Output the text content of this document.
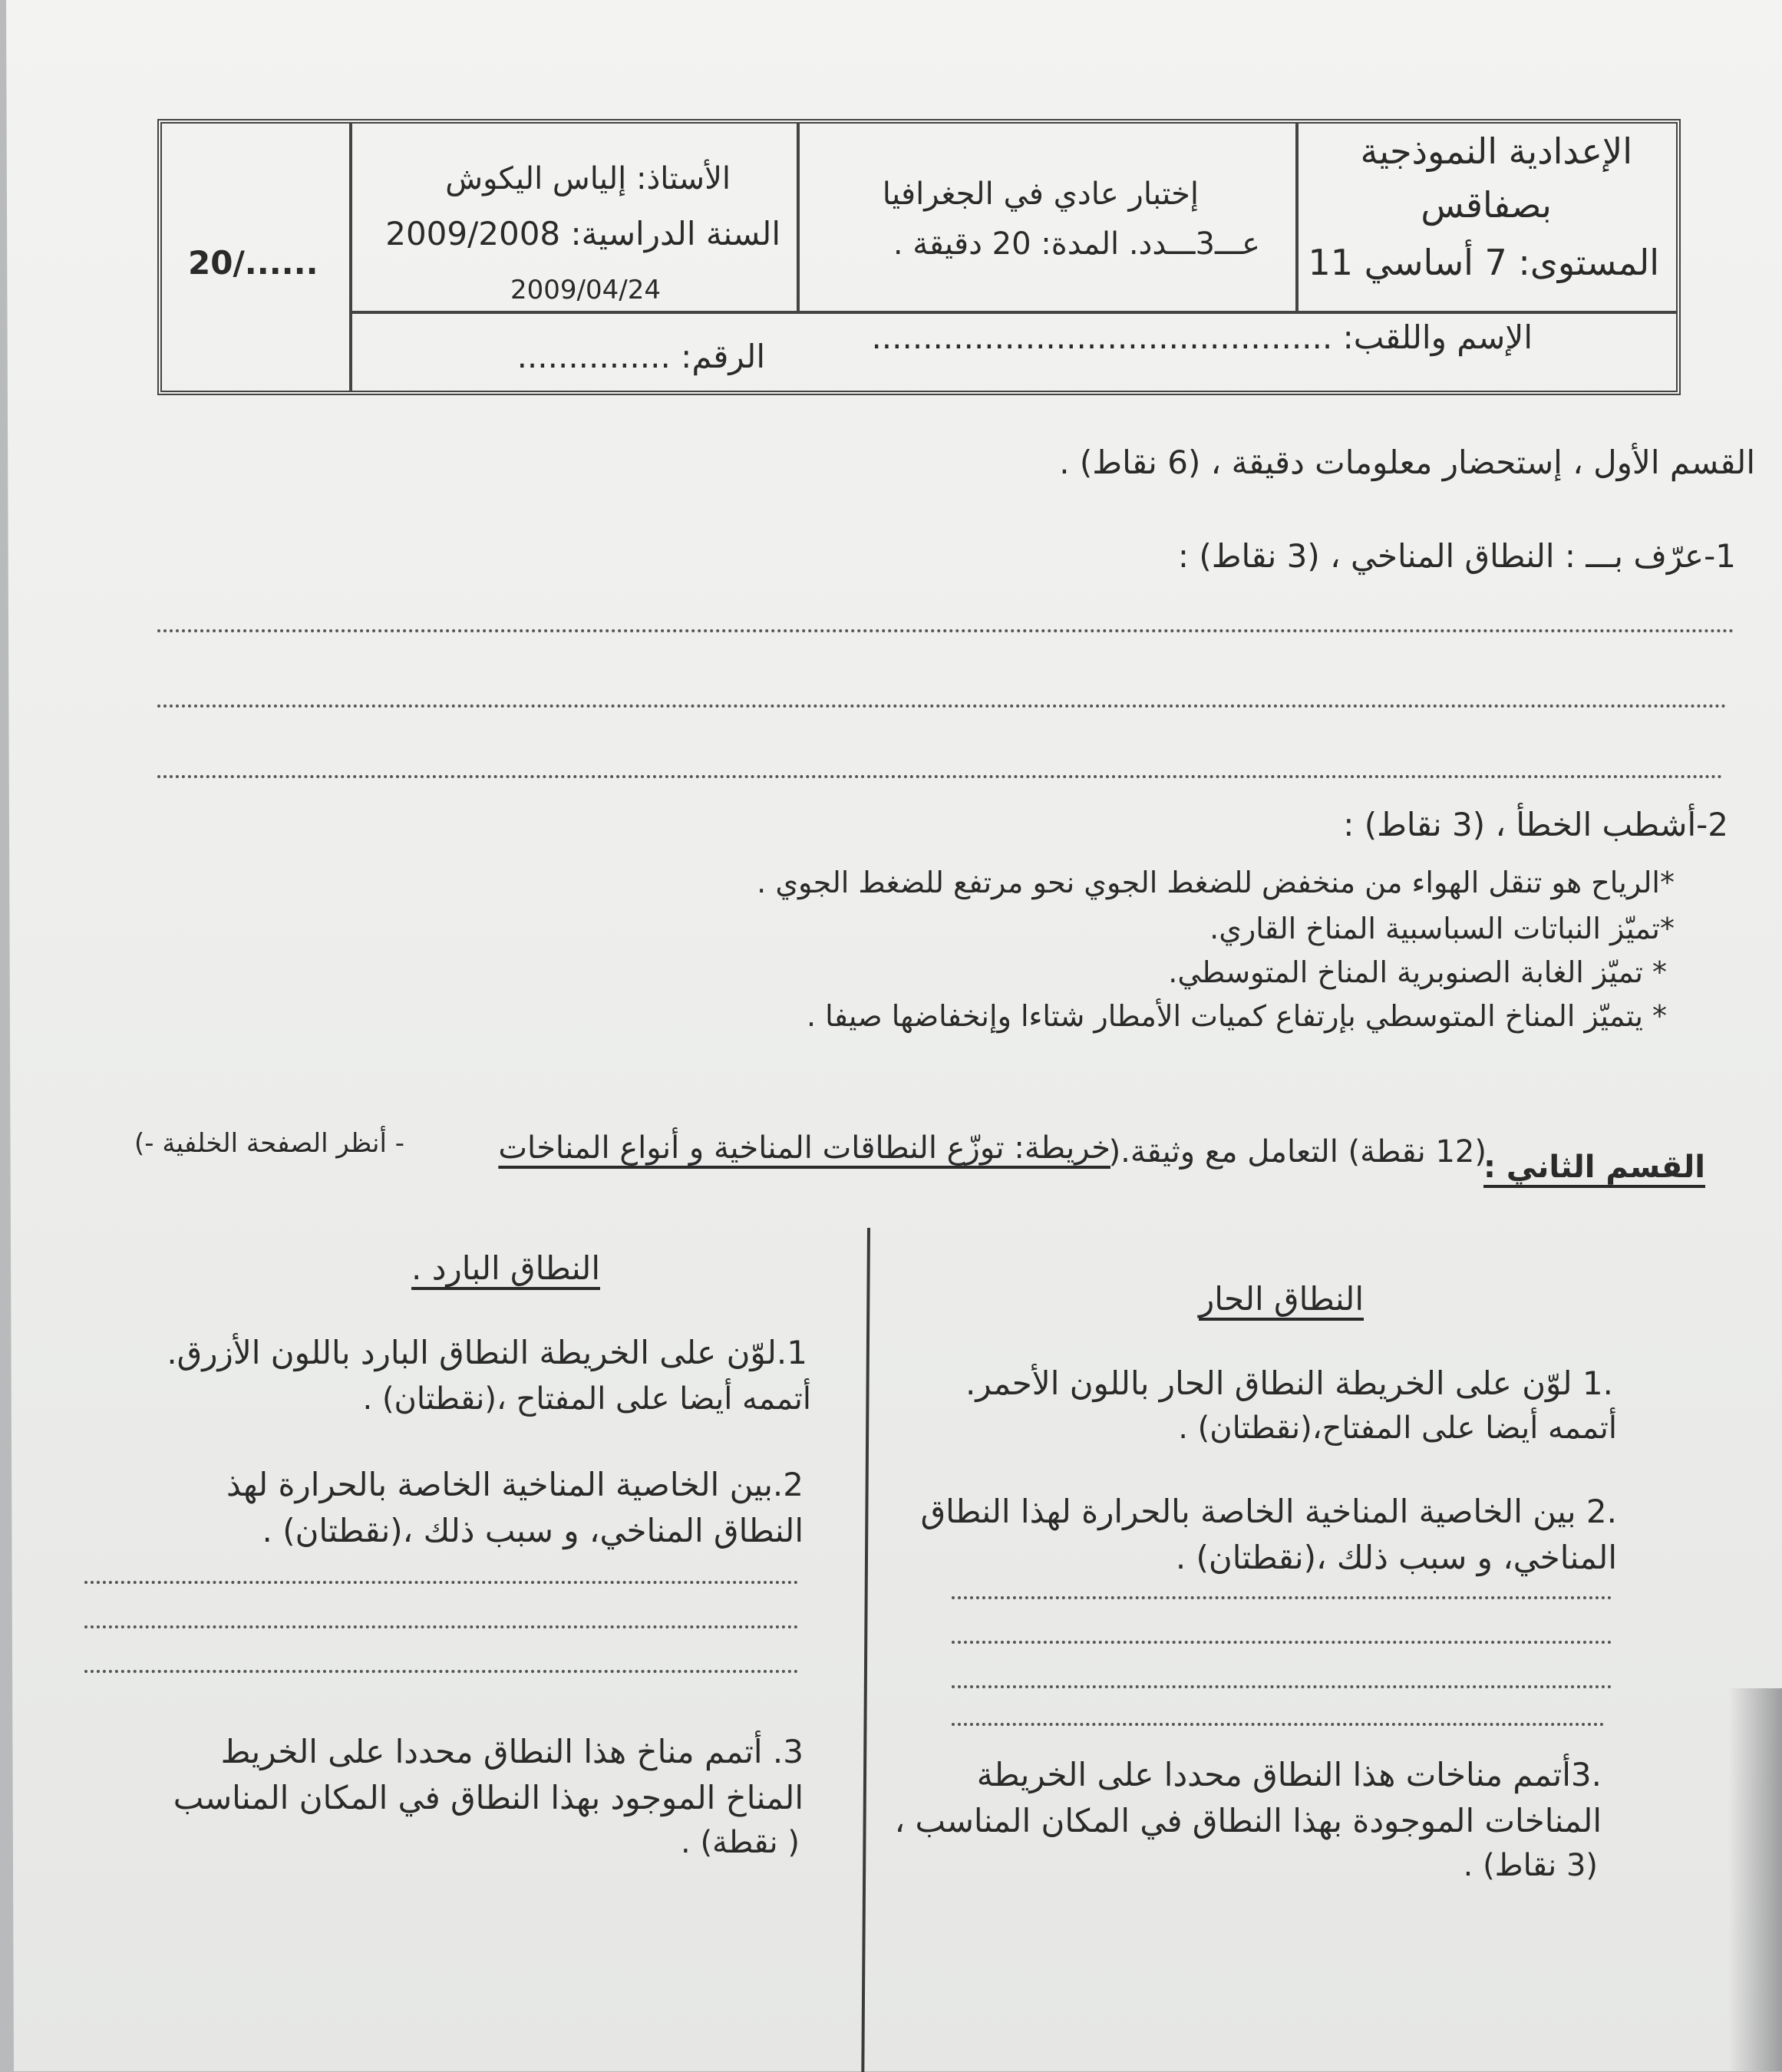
الإعدادية النموذجية
بصفاقس
المستوى: 7 أساسي 11
إختبار عادي في الجغرافيا
عـــ3ـــدد. المدة: 20 دقيقة .
الأستاذ: إلياس اليكوش
السنة الدراسية: 2009/2008
2009/04/24
20/......
الإسم واللقب: .............................................
الرقم: ...............
القسم الأول ، إستحضار معلومات دقيقة ، (6 نقاط) .
1-عرّف بـــ : النطاق المناخي ، (3 نقاط) :
2-أشطب الخطأ ، (3 نقاط) :
*الرياح هو تنقل الهواء من منخفض للضغط الجوي نحو مرتفع للضغط الجوي .
*تميّز النباتات السباسبية المناخ القاري.
* تميّز الغابة الصنوبرية المناخ المتوسطي.
* يتميّز المناخ المتوسطي بإرتفاع كميات الأمطار شتاءا وإنخفاضها صيفا .
القسم الثاني :
(12 نقطة) التعامل مع وثيقة.(
خريطة: توزّع النطاقات المناخية و أنواع المناخات
- أنظر الصفحة الخلفية -)
النطاق الحار
.1 لوّن على الخريطة النطاق الحار باللون الأحمر.
أتممه أيضا على المفتاح،(نقطتان) .
.2 بين الخاصية المناخية الخاصة بالحرارة لهذا النطاق
المناخي، و سبب ذلك ،(نقطتان) .
.3أتمم مناخات هذا النطاق محددا على الخريطة
المناخات الموجودة بهذا النطاق في المكان المناسب ،
(3 نقاط) .
النطاق البارد .
1.لوّن على الخريطة النطاق البارد باللون الأزرق.
أتممه أيضا على المفتاح ،(نقطتان) .
2.بين الخاصية المناخية الخاصة بالحرارة لهذ
النطاق المناخي، و سبب ذلك ،(نقطتان) .
3. أتمم مناخ هذا النطاق محددا على الخريط
المناخ الموجود بهذا النطاق في المكان المناسب
( نقطة) .
